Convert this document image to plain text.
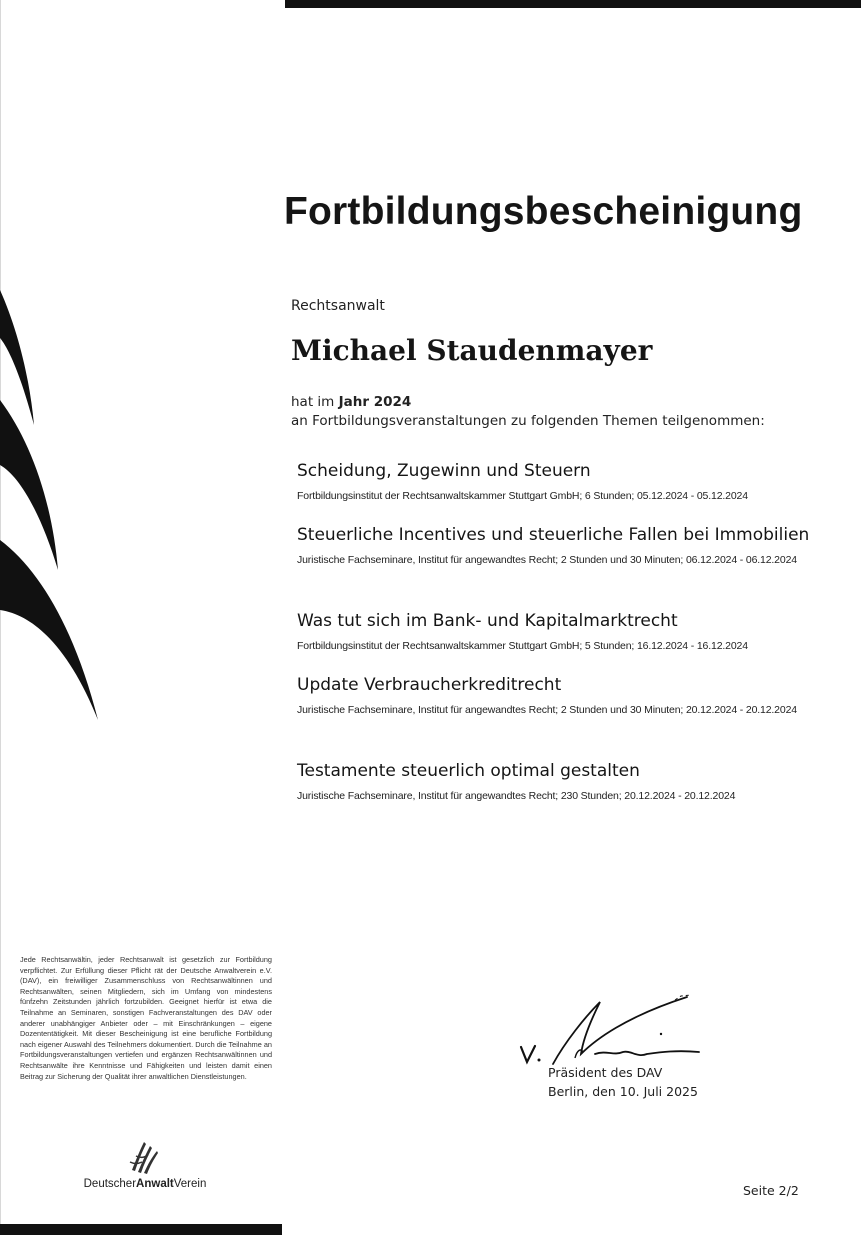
Fortbildungsbescheinigung
Rechtsanwalt
Michael Staudenmayer
hat im Jahr 2024
an Fortbildungsveranstaltungen zu folgenden Themen teilgenommen:
Scheidung, Zugewinn und Steuern
Fortbildungsinstitut der Rechtsanwaltskammer Stuttgart GmbH; 6 Stunden; 05.12.2024 - 05.12.2024
Steuerliche Incentives und steuerliche Fallen bei Immobilien
Juristische Fachseminare, Institut für angewandtes Recht; 2 Stunden und 30 Minuten; 06.12.2024 - 06.12.2024
Was tut sich im Bank- und Kapitalmarktrecht
Fortbildungsinstitut der Rechtsanwaltskammer Stuttgart GmbH; 5 Stunden; 16.12.2024 - 16.12.2024
Update Verbraucherkreditrecht
Juristische Fachseminare, Institut für angewandtes Recht; 2 Stunden und 30 Minuten; 20.12.2024 - 20.12.2024
Testamente steuerlich optimal gestalten
Juristische Fachseminare, Institut für angewandtes Recht; 230 Stunden; 20.12.2024 - 20.12.2024
Jede Rechtsanwältin, jeder Rechtsanwalt ist gesetzlich zur Fortbildung verpflichtet. Zur Erfüllung dieser Pflicht rät der Deutsche Anwaltverein e.V. (DAV), ein freiwilliger Zusammenschluss von Rechtsanwältinnen und Rechtsanwälten, seinen Mitgliedern, sich im Umfang von mindestens fünfzehn Zeitstunden jährlich fortzubilden. Geeignet hierfür ist etwa die Teilnahme an Seminaren, sonstigen Fachveranstaltungen des DAV oder anderer unabhängiger Anbieter oder – mit Einschränkungen – eigene Dozententätigkeit. Mit dieser Bescheinigung ist eine berufliche Fortbildung nach eigener Auswahl des Teilnehmers dokumentiert. Durch die Teilnahme an Fortbildungsveranstaltungen vertiefen und ergänzen Rechtsanwältinnen und Rechtsanwälte ihre Kenntnisse und Fähigkeiten und leisten damit einen Beitrag zur Sicherung der Qualität ihrer anwaltlichen Dienstleistungen.
DeutscherAnwaltVerein
Präsident des DAV
Berlin, den 10. Juli 2025
Seite 2/2
